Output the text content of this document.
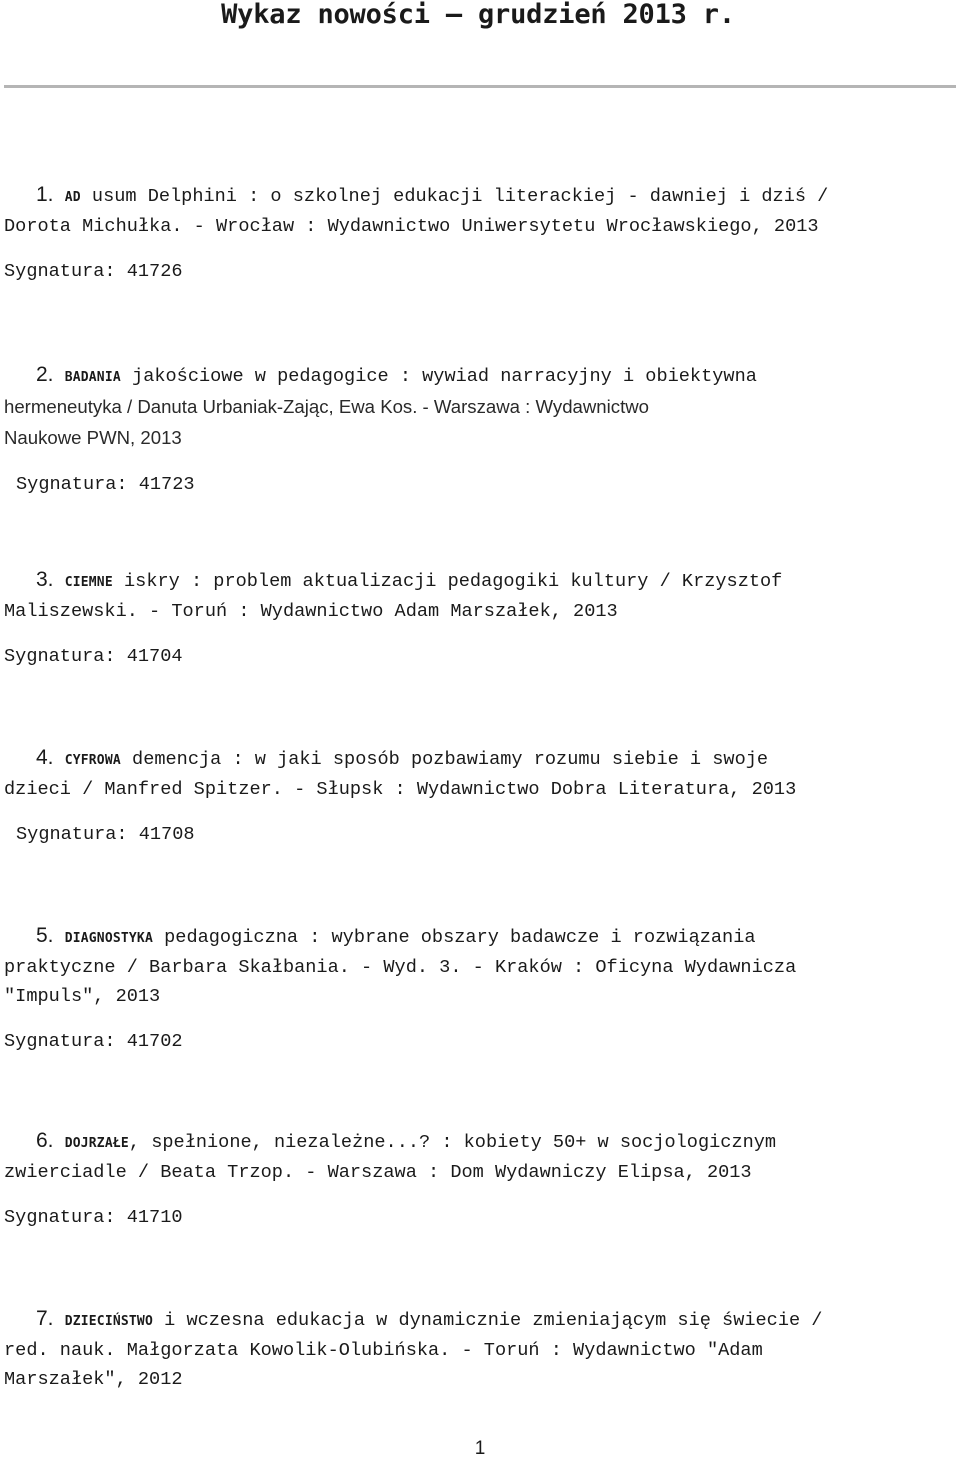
Wykaz nowości – grudzień 2013 r.

1. AD usum Delphini : o szkolnej edukacji literackiej - dawniej i dziś /
Dorota Michułka. - Wrocław : Wydawnictwo Uniwersytetu Wrocławskiego, 2013

Sygnatura: 41726

2. BADANIA jakościowe w pedagogice : wywiad narracyjny i obiektywna
hermeneutyka / Danuta Urbaniak-Zając, Ewa Kos. - Warszawa : Wydawnictwo
Naukowe PWN, 2013

Sygnatura: 41723

3. CIEMNE iskry : problem aktualizacji pedagogiki kultury / Krzysztof
Maliszewski. - Toruń : Wydawnictwo Adam Marszałek, 2013

Sygnatura: 41704

4. CYFROWA demencja : w jaki sposób pozbawiamy rozumu siebie i swoje
dzieci / Manfred Spitzer. - Słupsk : Wydawnictwo Dobra Literatura, 2013

Sygnatura: 41708

5. DIAGNOSTYKA pedagogiczna : wybrane obszary badawcze i rozwiązania
praktyczne / Barbara Skałbania. - Wyd. 3. - Kraków : Oficyna Wydawnicza
"Impuls", 2013

Sygnatura: 41702

6. DOJRZAŁE, spełnione, niezależne...? : kobiety 50+ w socjologicznym
zwierciadle / Beata Trzop. - Warszawa : Dom Wydawniczy Elipsa, 2013

Sygnatura: 41710

7. DZIECIŃSTWO i wczesna edukacja w dynamicznie zmieniającym się świecie /
red. nauk. Małgorzata Kowolik-Olubińska. - Toruń : Wydawnictwo "Adam
Marszałek", 2012

1
